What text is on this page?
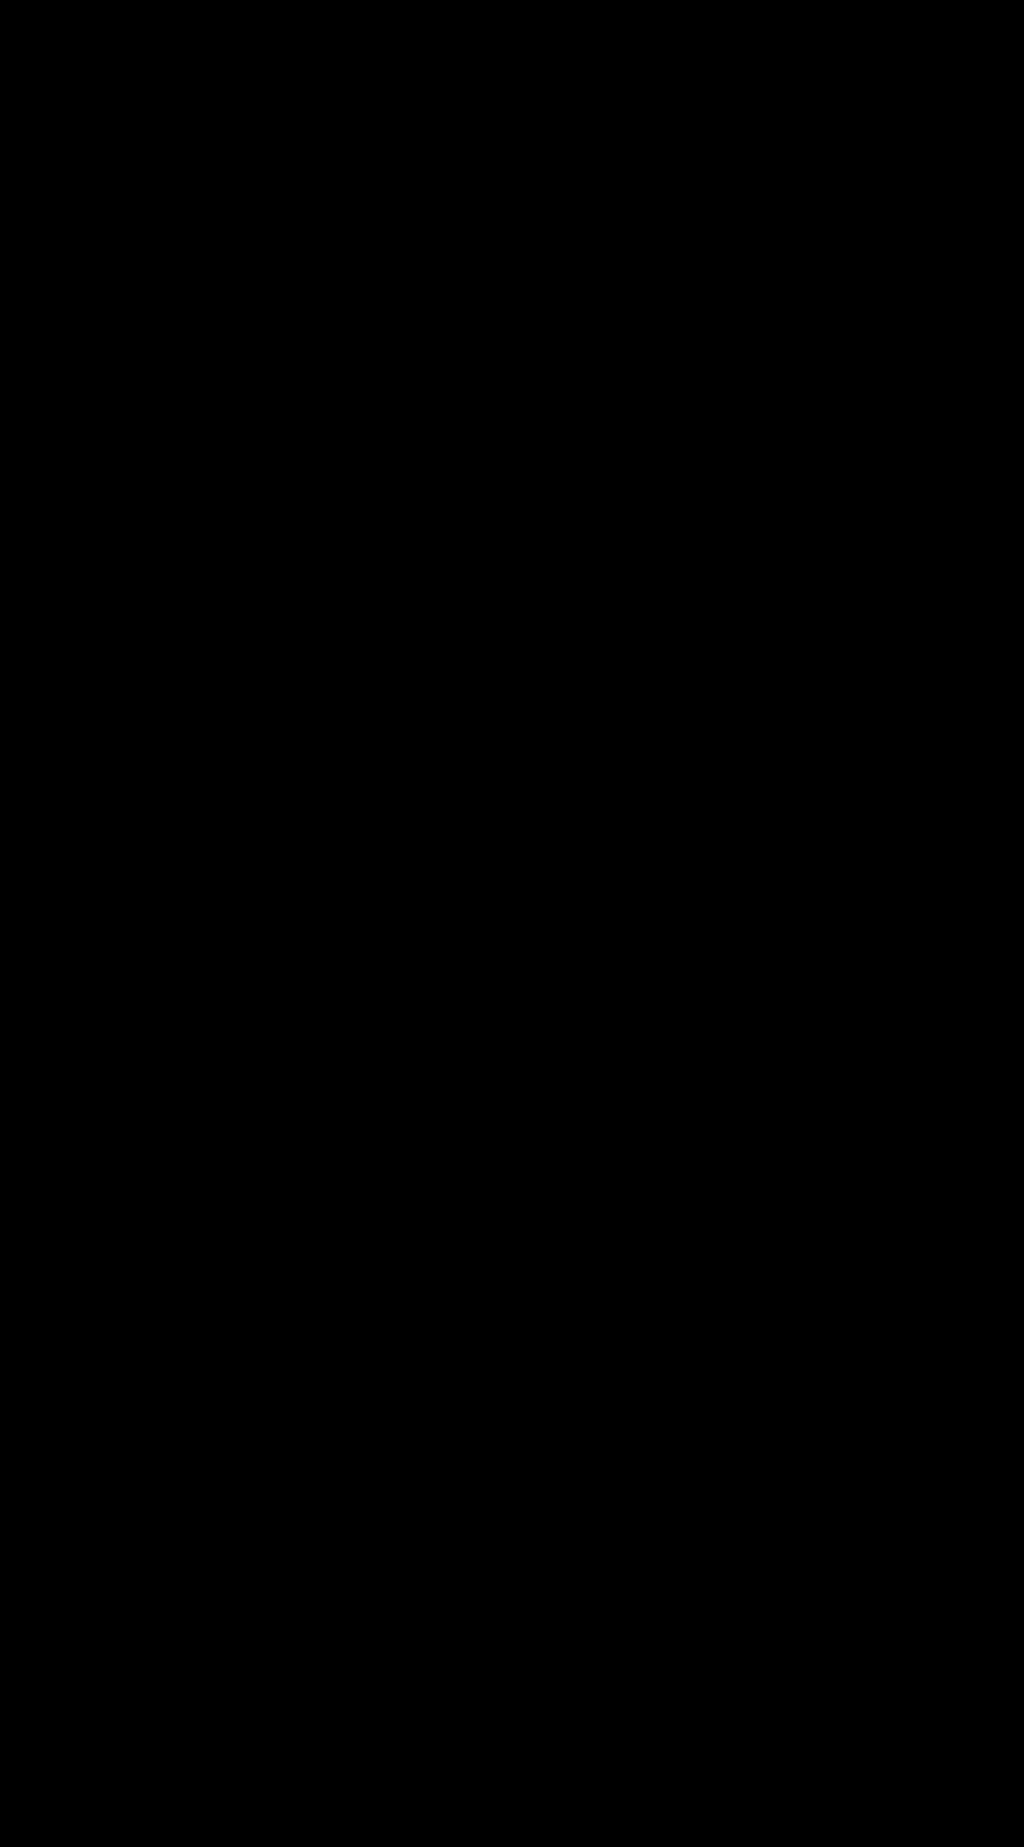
Förbundsordning för Region Dalarna
Reviderad 2006-02-08, 2014-10-08
Direktionen har att årligen fastställa budget för förbundet inom den ram som
förbundsmedlemmarna enats om och som de angivit före maj månads utgång.
Budgeten skall innehålla en plan för verksamheten och ekonomin under budgetåret
samt en plan för ekonomin under den kommande treårsperioden. Direktionen skall
samråda med medlemmarna om förslaget till budget senast den 15 september.
Direktionen skall fastställa budgeten senast den 15 november. Budgetförslaget skall
vara tillgängligt för allmänheten enligt vad som stadgas i 8 kap 10 § kommunallagen.
När budgeten fastställs bestämmer direktionen storleken på bidragen som
medlemmarna skall erlägga till förbundet enligt grunderna i 12 §.
Innan direktionen fattar beslut om avtal av större vikt eller om större investeringar
skall samråd ske med förbundsmedlemmarna.
Direktionen skall avlämna tertialrapporter över verksamheten till förbunds-
medlemmarna.
Arvoden och andra ekonomiska förmåner till ledamöter och ersättare i direktionen
samt till revisorerna och revisorsersättarna skall bestämmas enligt de ersättningsregler
som gäller för förtroendevalda i landstinget.
Kommunalförbundet är bildat för obestämd tid. En förbundsmedlem har rätt att
utträda ur förbundet. Uppsägningstiden är tre år räknat från ingången av den månad
då uppsägningen skedde. Regleringen av de ekonomiska mellanhavandena mellan
förbundet och den utträdande medlemmen bestäms i en överenskommelse mellan
samtliga förbundsmedlemmar. Den ekonomiska regleringen skall ske utifrån de
andelar i förbundets samlade tillgångar och skulder som gäller det år då medlemmen
utträder ur förbundet, om inte annat avtalats mellan förbundsmedlemmarna.
De kvarvarande medlemmarna antar de ändringar i förbundsordningen som behövs
med anledning av utträdet.
Om medlemmarna inte kan enas om förutsättningarna för utträde när uppsägnings-
tiden i 18 § är till ända, skall förbundet träda i likvidation.
Likvidationen verkställs av direktionen i egenskap av likvidator.
